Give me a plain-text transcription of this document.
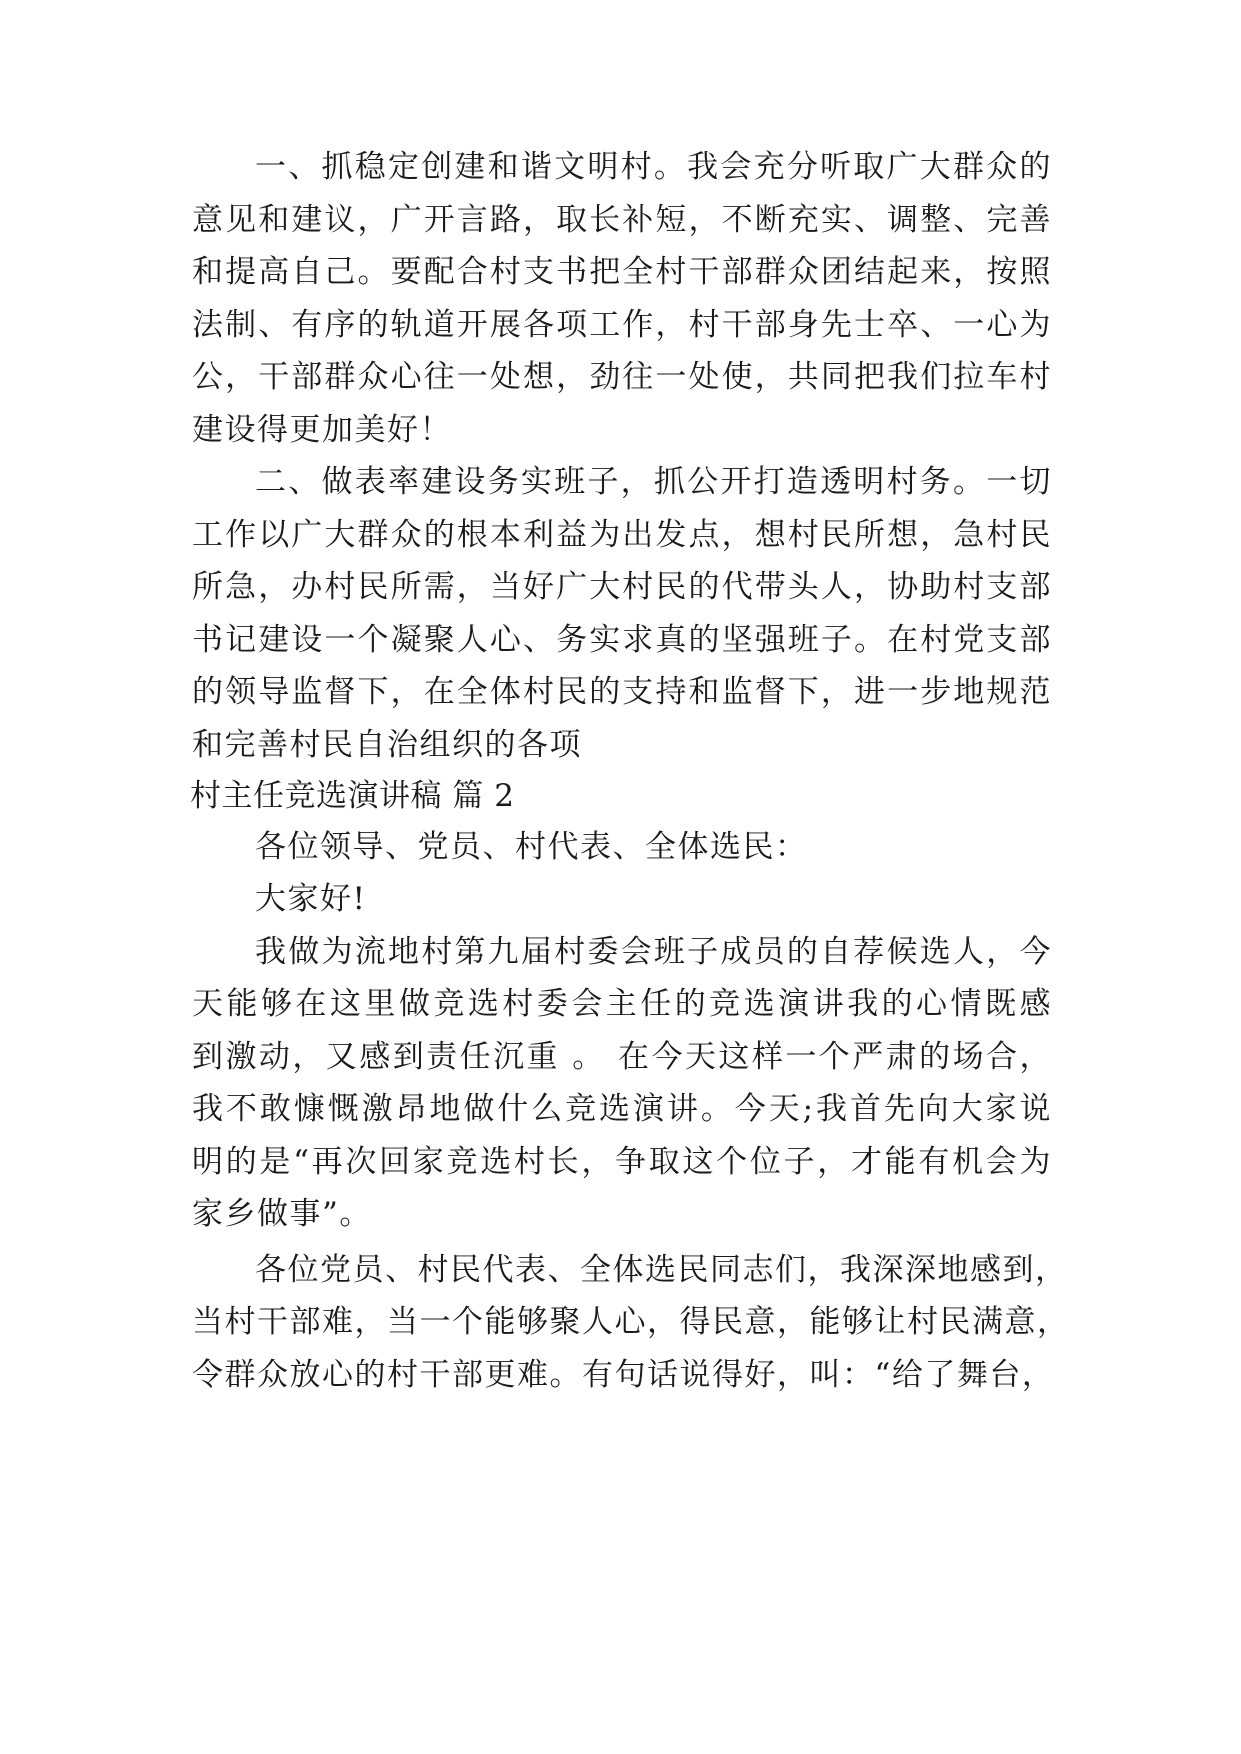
一、抓稳定创建和谐文明村。我会充分听取广大群众的

意见和建议，广开言路，取长补短，不断充实、调整、完善

和提高自己。要配合村支书把全村干部群众团结起来，按照

法制、有序的轨道开展各项工作，村干部身先士卒、一心为

公，干部群众心往一处想，劲往一处使，共同把我们拉车村

建设得更加美好！

二、做表率建设务实班子，抓公开打造透明村务。一切

工作以广大群众的根本利益为出发点，想村民所想，急村民

所急，办村民所需，当好广大村民的代带头人，协助村支部

书记建设一个凝聚人心、务实求真的坚强班子。在村党支部

的领导监督下，在全体村民的支持和监督下，进一步地规范

和完善村民自治组织的各项

村主任竞选演讲稿 篇 2

各位领导、党员、村代表、全体选民：

大家好!

我做为流地村第九届村委会班子成员的自荐候选人，今

天能够在这里做竞选村委会主任的竞选演讲我的心情既感

到激动，又感到责任沉重 。 在今天这样一个严肃的场合，

我不敢慷慨激昂地做什么竞选演讲。今天;我首先向大家说

明的是“再次回家竞选村长，争取这个位子，才能有机会为

家乡做事”。

各位党员、村民代表、全体选民同志们，我深深地感到，

当村干部难，当一个能够聚人心，得民意，能够让村民满意，

令群众放心的村干部更难。有句话说得好，叫：“给了舞台，
